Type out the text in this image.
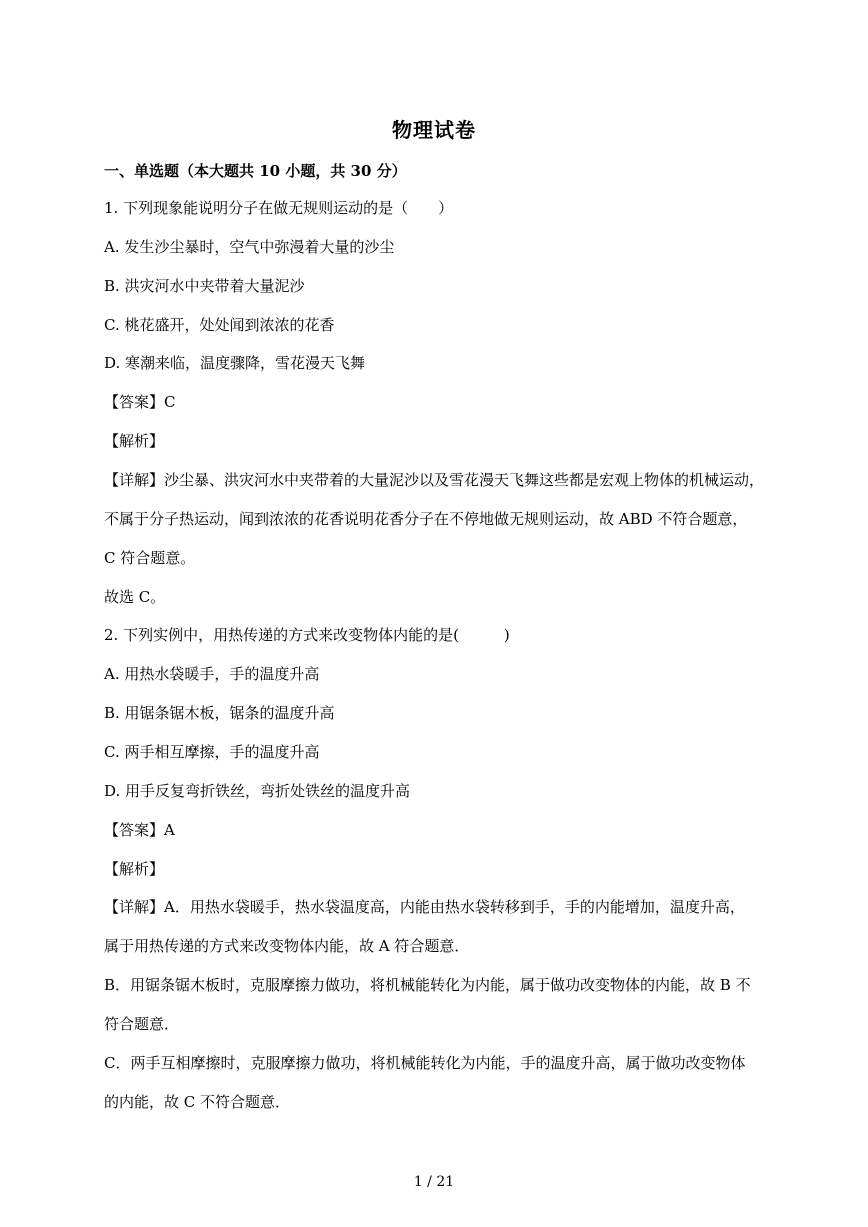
物理试卷
一、单选题（本大题共 10 小题，共 30 分）
1. 下列现象能说明分子在做无规则运动的是（　　）
A. 发生沙尘暴时，空气中弥漫着大量的沙尘
B. 洪灾河水中夹带着大量泥沙
C. 桃花盛开，处处闻到浓浓的花香
D. 寒潮来临，温度骤降，雪花漫天飞舞
【答案】C
【解析】
【详解】沙尘暴、洪灾河水中夹带着的大量泥沙以及雪花漫天飞舞这些都是宏观上物体的机械运动，
不属于分子热运动，闻到浓浓的花香说明花香分子在不停地做无规则运动，故 ABD 不符合题意，
C 符合题意。
故选 C。
2. 下列实例中，用热传递的方式来改变物体内能的是(　　　)
A. 用热水袋暖手，手的温度升高
B. 用锯条锯木板，锯条的温度升高
C. 两手相互摩擦，手的温度升高
D. 用手反复弯折铁丝，弯折处铁丝的温度升高
【答案】A
【解析】
【详解】A．用热水袋暖手，热水袋温度高，内能由热水袋转移到手，手的内能增加，温度升高，
属于用热传递的方式来改变物体内能，故 A 符合题意．
B．用锯条锯木板时，克服摩擦力做功，将机械能转化为内能，属于做功改变物体的内能，故 B 不
符合题意．
C．两手互相摩擦时，克服摩擦力做功，将机械能转化为内能，手的温度升高，属于做功改变物体
的内能，故 C 不符合题意．
1 / 21
